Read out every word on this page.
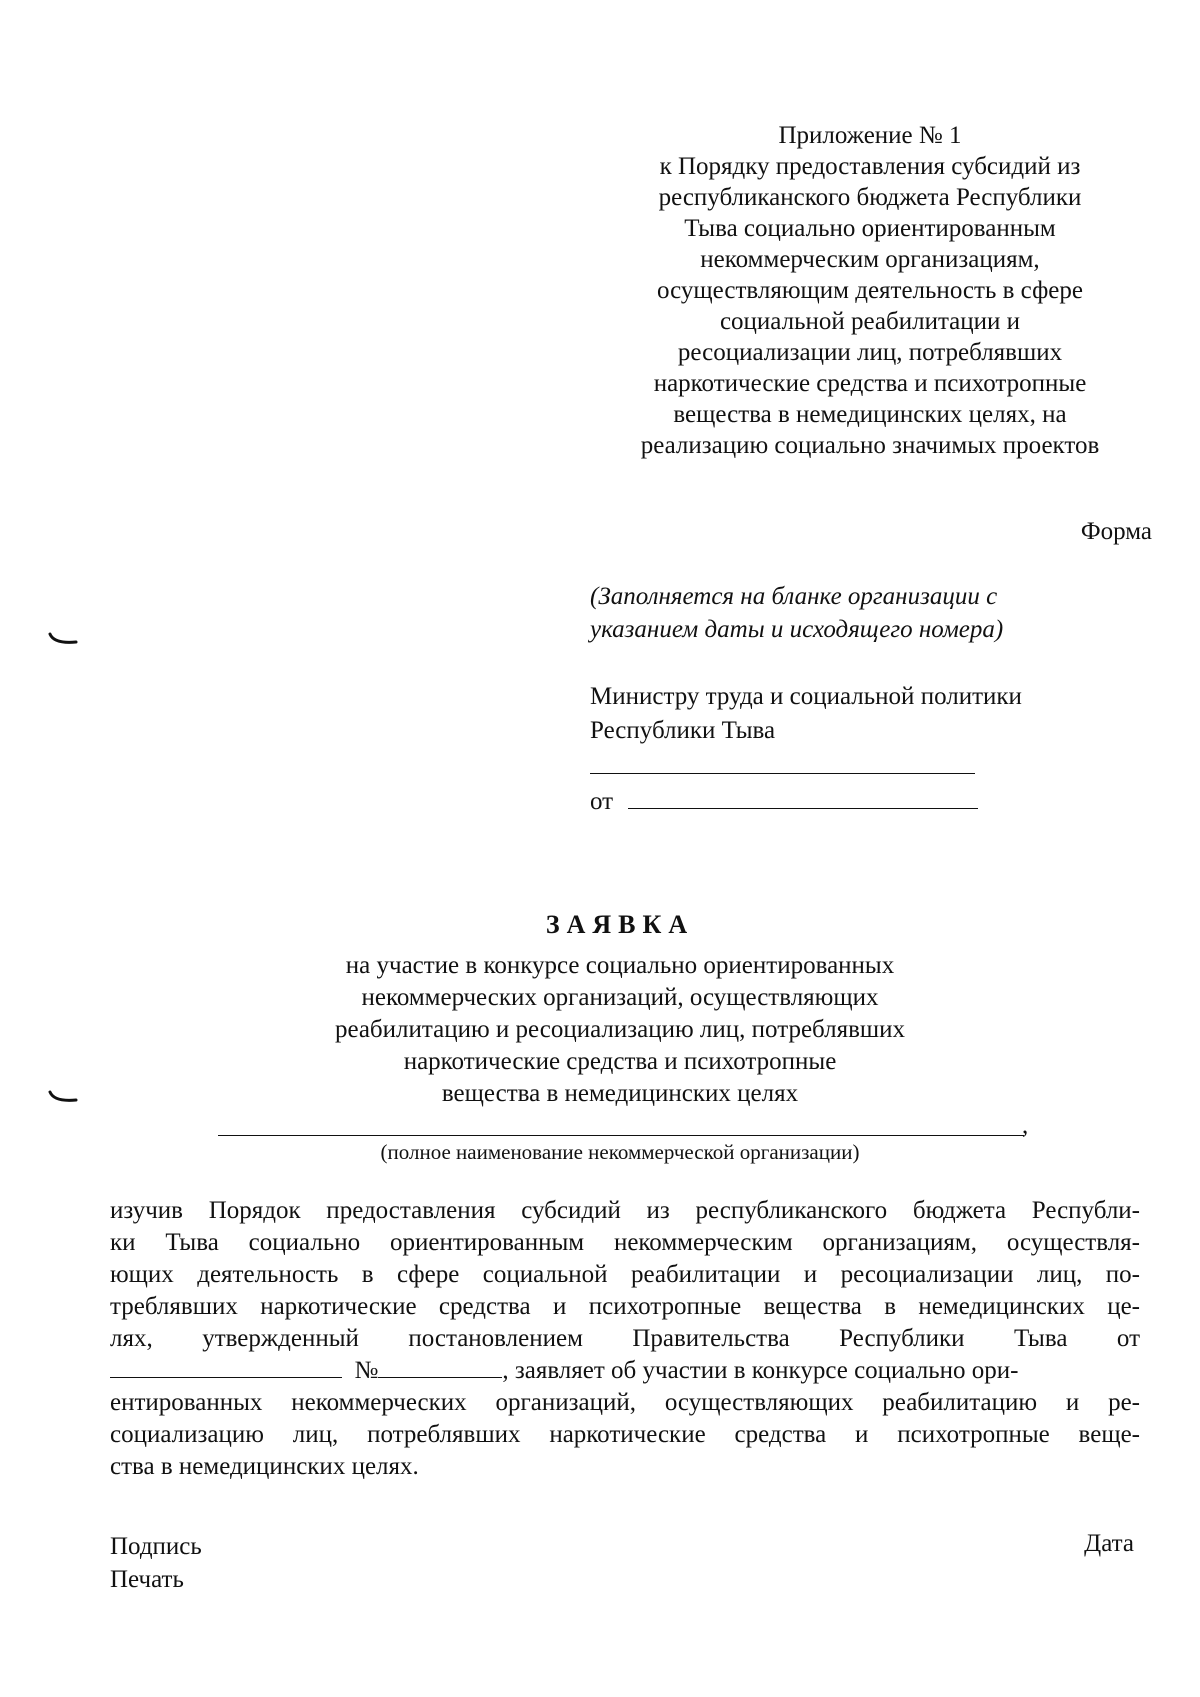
Приложение № 1
к Порядку предоставления субсидий из
республиканского бюджета Республики
Тыва социально ориентированным
некоммерческим организациям,
осуществляющим деятельность в сфере
социальной реабилитации и
ресоциализации лиц, потреблявших
наркотические средства и психотропные
вещества в немедицинских целях, на
реализацию социально значимых проектов
Форма
(Заполняется на бланке организации с
указанием даты и исходящего номера)
Министру труда и социальной политики
Республики Тыва
от
ЗАЯВКА
на участие в конкурсе социально ориентированных
некоммерческих организаций, осуществляющих
реабилитацию и ресоциализацию лиц, потреблявших
наркотические средства и психотропные
вещества в немедицинских целях
,
(полное наименование некоммерческой организации)
изучив Порядок предоставления субсидий из республиканского бюджета Республи-
ки Тыва социально ориентированным некоммерческим организациям, осуществля-
ющих деятельность в сфере социальной реабилитации и ресоциализации лиц, по-
треблявших наркотические средства и психотропные вещества в немедицинских це-
лях, утвержденный постановлением Правительства Республики Тыва от
№	, заявляет об участии в конкурсе социально ори-
ентированных некоммерческих организаций, осуществляющих реабилитацию и ре-
социализацию лиц, потреблявших наркотические средства и психотропные веще-
ства в немедицинских целях.
Подпись
Печать
Дата
